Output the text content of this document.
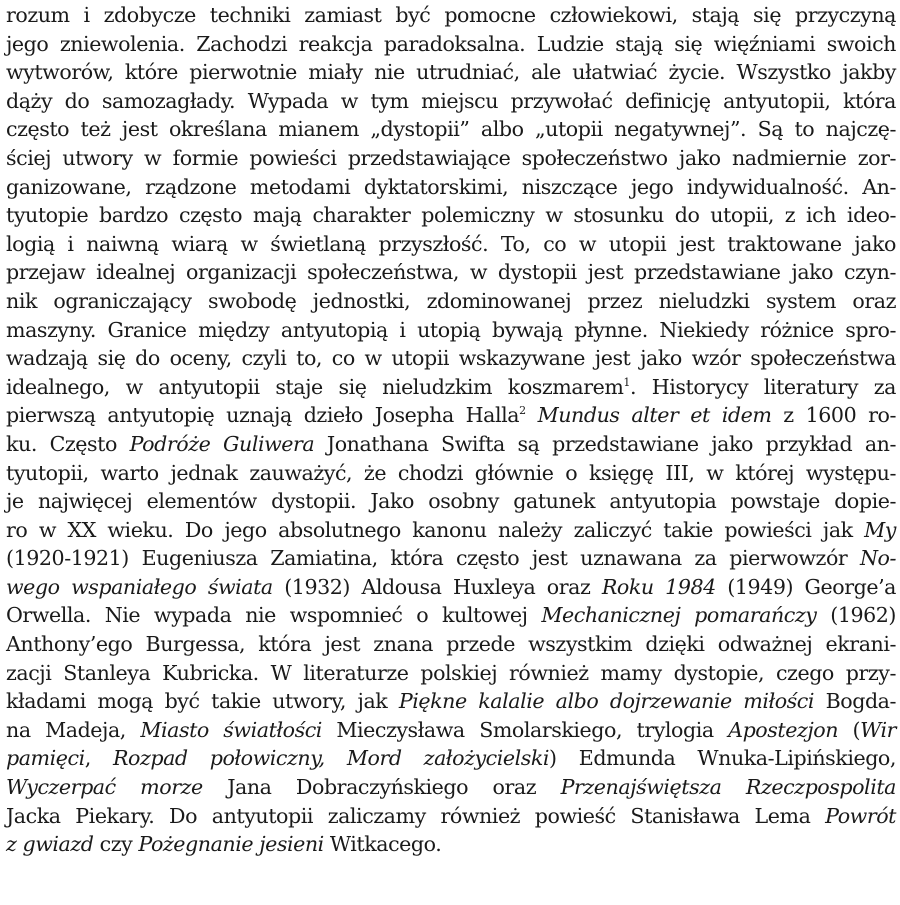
rozum i zdobycze techniki zamiast być pomocne człowiekowi, stają się przyczyną
jego zniewolenia. Zachodzi reakcja paradoksalna. Ludzie stają się więźniami swoich
wytworów, które pierwotnie miały nie utrudniać, ale ułatwiać życie. Wszystko jakby
dąży do samozagłady. Wypada w tym miejscu przywołać definicję antyutopii, która
często też jest określana mianem „dystopii” albo „utopii negatywnej”. Są to najczę-
ściej utwory w formie powieści przedstawiające społeczeństwo jako nadmiernie zor-
ganizowane, rządzone metodami dyktatorskimi, niszczące jego indywidualność. An-
tyutopie bardzo często mają charakter polemiczny w stosunku do utopii, z ich ideo-
logią i naiwną wiarą w świetlaną przyszłość. To, co w utopii jest traktowane jako
przejaw idealnej organizacji społeczeństwa, w dystopii jest przedstawiane jako czyn-
nik ograniczający swobodę jednostki, zdominowanej przez nieludzki system oraz
maszyny. Granice między antyutopią i utopią bywają płynne. Niekiedy różnice spro-
wadzają się do oceny, czyli to, co w utopii wskazywane jest jako wzór społeczeństwa
idealnego, w antyutopii staje się nieludzkim koszmarem$^1$. Historycy literatury za
pierwszą antyutopię uznają dzieło Josepha Halla$^2$ Mundus alter et idem z 1600 ro-
ku. Często Podróże Guliwera Jonathana Swifta są przedstawiane jako przykład an-
tyutopii, warto jednak zauważyć, że chodzi głównie o księgę III, w której występu-
je najwięcej elementów dystopii. Jako osobny gatunek antyutopia powstaje dopie-
ro w XX wieku. Do jego absolutnego kanonu należy zaliczyć takie powieści jak My
(1920-1921) Eugeniusza Zamiatina, która często jest uznawana za pierwowzór No-
wego wspaniałego świata (1932) Aldousa Huxleya oraz Roku 1984 (1949) George’a
Orwella. Nie wypada nie wspomnieć o kultowej Mechanicznej pomarańczy (1962)
Anthony’ego Burgessa, która jest znana przede wszystkim dzięki odważnej ekrani-
zacji Stanleya Kubricka. W literaturze polskiej również mamy dystopie, czego przy-
kładami mogą być takie utwory, jak Piękne kalalie albo dojrzewanie miłości Bogda-
na Madeja, Miasto światłości Mieczysława Smolarskiego, trylogia Apostezjon (Wir
pamięci, Rozpad połowiczny, Mord założycielski) Edmunda Wnuka-Lipińskiego,
Wyczerpać morze Jana Dobraczyńskiego oraz Przenajświętsza Rzeczpospolita
Jacka Piekary. Do antyutopii zaliczamy również powieść Stanisława Lema Powrót
z gwiazd czy Pożegnanie jesieni Witkacego.
